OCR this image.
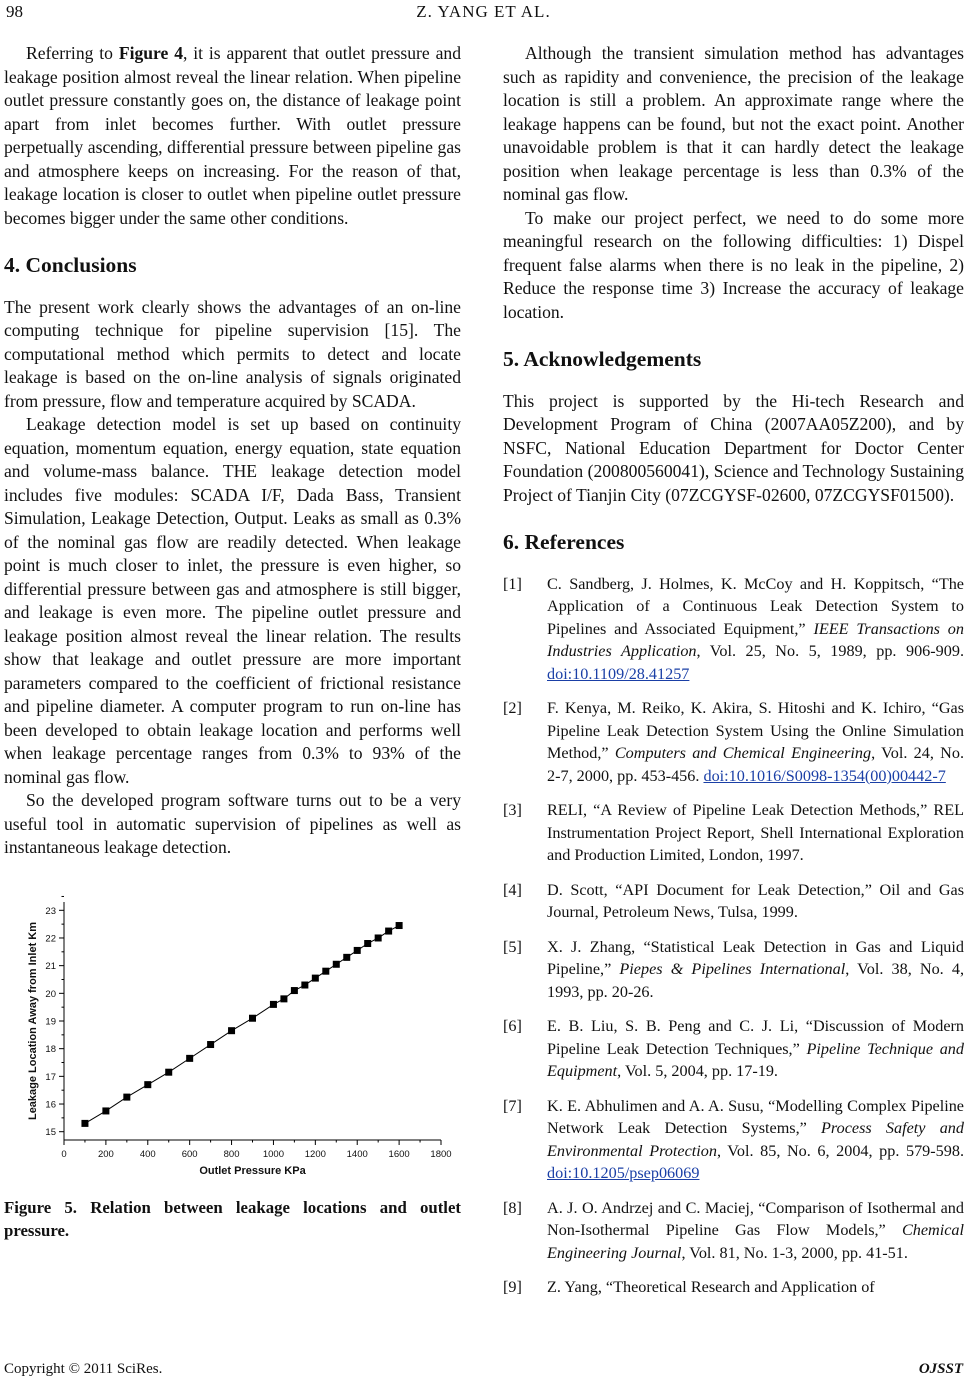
98	Z. YANG ET AL.

Referring to Figure 4, it is apparent that outlet pressure and leakage position almost reveal the linear relation. When pipeline outlet pressure constantly goes on, the distance of leakage point apart from inlet becomes further. With outlet pressure perpetually ascending, differential pressure between pipeline gas and atmosphere keeps on increasing. For the reason of that, leakage location is closer to outlet when pipeline outlet pressure becomes bigger under the same other conditions.

4. Conclusions

The present work clearly shows the advantages of an on-line computing technique for pipeline supervision [15]. The computational method which permits to detect and locate leakage is based on the on-line analysis of signals originated from pressure, flow and temperature acquired by SCADA.

Leakage detection model is set up based on continuity equation, momentum equation, energy equation, state equation and volume-mass balance. THE leakage detection model includes five modules: SCADA I/F, Dada Bass, Transient Simulation, Leakage Detection, Output. Leaks as small as 0.3% of the nominal gas flow are readily detected. When leakage point is much closer to inlet, the pressure is even higher, so differential pressure between gas and atmosphere is still bigger, and leakage is even more. The pipeline outlet pressure and leakage position almost reveal the linear relation. The results show that leakage and outlet pressure are more important parameters compared to the coefficient of frictional resistance and pipeline diameter. A computer program to run on-line has been developed to obtain leakage location and performs well when leakage percentage ranges from 0.3% to 93% of the nominal gas flow.

So the developed program software turns out to be a very useful tool in automatic supervision of pipelines as well as instantaneous leakage detection.

15
16
17
18
19
20
21
22
23
0	200	400	600	800 1000 1200 1400 1600 1800
Outlet Pressure KPa
Leakage Location Away from Inlet Km
Figure 5. Relation between leakage locations and outlet pressure.

Although the transient simulation method has advantages such as rapidity and convenience, the precision of the leakage location is still a problem. An approximate range where the leakage happens can be found, but not the exact point. Another unavoidable problem is that it can hardly detect the leakage position when leakage percentage is less than 0.3% of the nominal gas flow.

To make our project perfect, we need to do some more meaningful research on the following difficulties: 1) Dispel frequent false alarms when there is no leak in the pipeline, 2) Reduce the response time 3) Increase the accuracy of leakage location.

5. Acknowledgements

This project is supported by the Hi-tech Research and Development Program of China (2007AA05Z200), and by NSFC, National Education Department for Doctor Center Foundation (200800560041), Science and Technology Sustaining Project of Tianjin City (07ZCGYSF-02600, 07ZCGYSF01500).

6. References
[1] C. Sandberg, J. Holmes, K. McCoy and H. Koppitsch, “The Application of a Continuous Leak Detection System to Pipelines and Associated Equipment,” IEEE Transactions on Industries Application, Vol. 25, No. 5, 1989, pp. 906-909. doi:10.1109/28.41257
[2] F. Kenya, M. Reiko, K. Akira, S. Hitoshi and K. Ichiro, “Gas Pipeline Leak Detection System Using the Online Simulation Method,” Computers and Chemical Engineering, Vol. 24, No. 2-7, 2000, pp. 453-456. doi:10.1016/S0098-1354(00)00442-7
[3] RELI, “A Review of Pipeline Leak Detection Methods,” REL Instrumentation Project Report, Shell International Exploration and Production Limited, London, 1997.
[4] D. Scott, “API Document for Leak Detection,” Oil and Gas Journal, Petroleum News, Tulsa, 1999.
[5] X. J. Zhang, “Statistical Leak Detection in Gas and Liquid Pipeline,” Piepes & Pipelines International, Vol. 38, No. 4, 1993, pp. 20-26.
[6] E. B. Liu, S. B. Peng and C. J. Li, “Discussion of Modern Pipeline Leak Detection Techniques,” Pipeline Technique and Equipment, Vol. 5, 2004, pp. 17-19.
[7] K. E. Abhulimen and A. A. Susu, “Modelling Complex Pipeline Network Leak Detection Systems,” Process Safety and Environmental Protection, Vol. 85, No. 6, 2004, pp. 579-598. doi:10.1205/psep06069
[8] A. J. O. Andrzej and C. Maciej, “Comparison of Isothermal and Non-Isothermal Pipeline Gas Flow Models,” Chemical Engineering Journal, Vol. 81, No. 1-3, 2000, pp. 41-51.
[9] Z. Yang, “Theoretical Research and Application of
Copyright © 2011 SciRes.	OJSST
